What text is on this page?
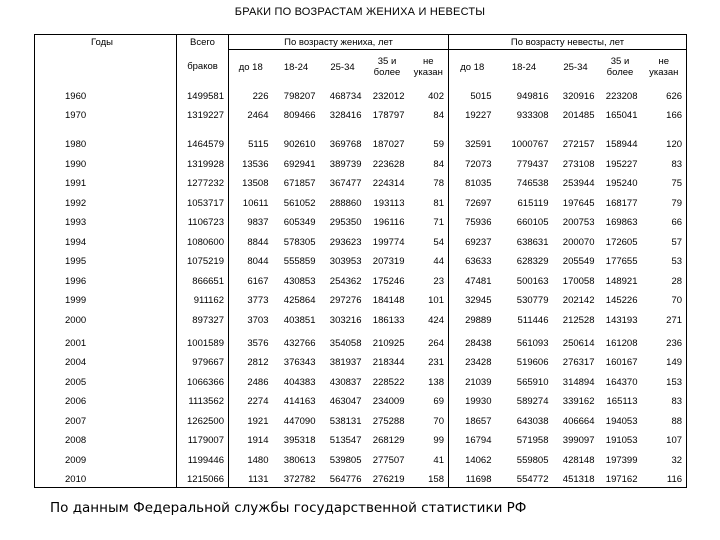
БРАКИ ПО ВОЗРАСТАМ ЖЕНИХА И НЕВЕСТЫ
Годы	Всего	По возрасту жениха, лет					По возрасту невесты, лет				
	браков	до 18	18-24	25-34	35 и более	не указан	до 18	18-24	25-34	35 и более	не указан
1960	1499581	226	798207	468734	232012	402	5015	949816	320916	223208	626
1970	1319227	2464	809466	328416	178797	84	19227	933308	201485	165041	166
1980	1464579	5115	902610	369768	187027	59	32591	1000767	272157	158944	120
1990	1319928	13536	692941	389739	223628	84	72073	779437	273108	195227	83
1991	1277232	13508	671857	367477	224314	78	81035	746538	253944	195240	75
1992	1053717	10611	561052	288860	193113	81	72697	615119	197645	168177	79
1993	1106723	9837	605349	295350	196116	71	75936	660105	200753	169863	66
1994	1080600	8844	578305	293623	199774	54	69237	638631	200070	172605	57
1995	1075219	8044	555859	303953	207319	44	63633	628329	205549	177655	53
1996	866651	6167	430853	254362	175246	23	47481	500163	170058	148921	28
1999	911162	3773	425864	297276	184148	101	32945	530779	202142	145226	70
2000	897327	3703	403851	303216	186133	424	29889	511446	212528	143193	271
2001	1001589	3576	432766	354058	210925	264	28438	561093	250614	161208	236
2004	979667	2812	376343	381937	218344	231	23428	519606	276317	160167	149
2005	1066366	2486	404383	430837	228522	138	21039	565910	314894	164370	153
2006	1113562	2274	414163	463047	234009	69	19930	589274	339162	165113	83
2007	1262500	1921	447090	538131	275288	70	18657	643038	406664	194053	88
2008	1179007	1914	395318	513547	268129	99	16794	571958	399097	191053	107
2009	1199446	1480	380613	539805	277507	41	14062	559805	428148	197399	32
2010	1215066	1131	372782	564776	276219	158	11698	554772	451318	197162	116
По данным Федеральной службы государственной статистики РФ
